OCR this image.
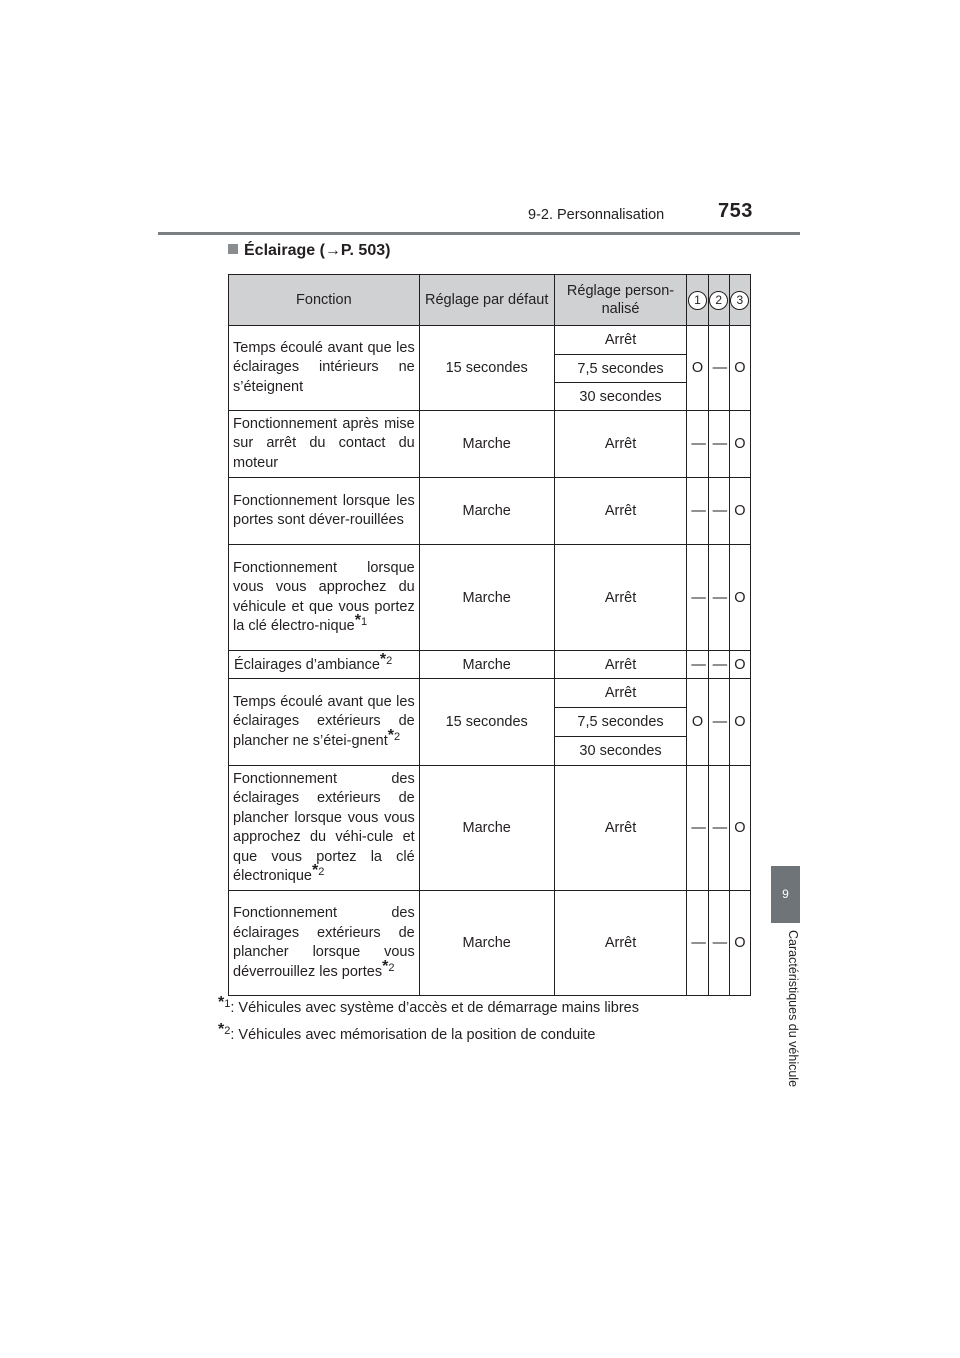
9-2. Personnalisation	753
9
Caractéristiques du véhicule
Éclairage (→P. 503)
Fonction	Réglage par défaut	Réglage person-nalisé	1	2	3
Temps écoulé avant que les éclairages intérieurs ne s’éteignent	15 secondes	Arrêt	O	—	O
		7,5 secondes			
		30 secondes			
Fonctionnement après mise sur arrêt du contact du moteur	Marche	Arrêt	—	—	O
Fonctionnement lorsque les portes sont déver-rouillées	Marche	Arrêt	—	—	O
Fonctionnement lorsque vous vous approchez du véhicule et que vous portez la clé électro-nique$^{*1}$	Marche	Arrêt	—	—	O
Éclairages d’ambiance$^{*2}$	Marche	Arrêt	—	—	O
Temps écoulé avant que les éclairages extérieurs de plancher ne s’étei-gnent$^{*2}$	15 secondes	Arrêt	O	—	O
		7,5 secondes			
		30 secondes			
Fonctionnement des éclairages extérieurs de plancher lorsque vous vous approchez du véhi-cule et que vous portez la clé électronique$^{*2}$	Marche	Arrêt	—	—	O
Fonctionnement des éclairages extérieurs de plancher lorsque vous déverrouillez les portes$^{*2}$	Marche	Arrêt	—	—	O
$^{*1}$: Véhicules avec système d’accès et de démarrage mains libres
$^{*2}$: Véhicules avec mémorisation de la position de conduite
